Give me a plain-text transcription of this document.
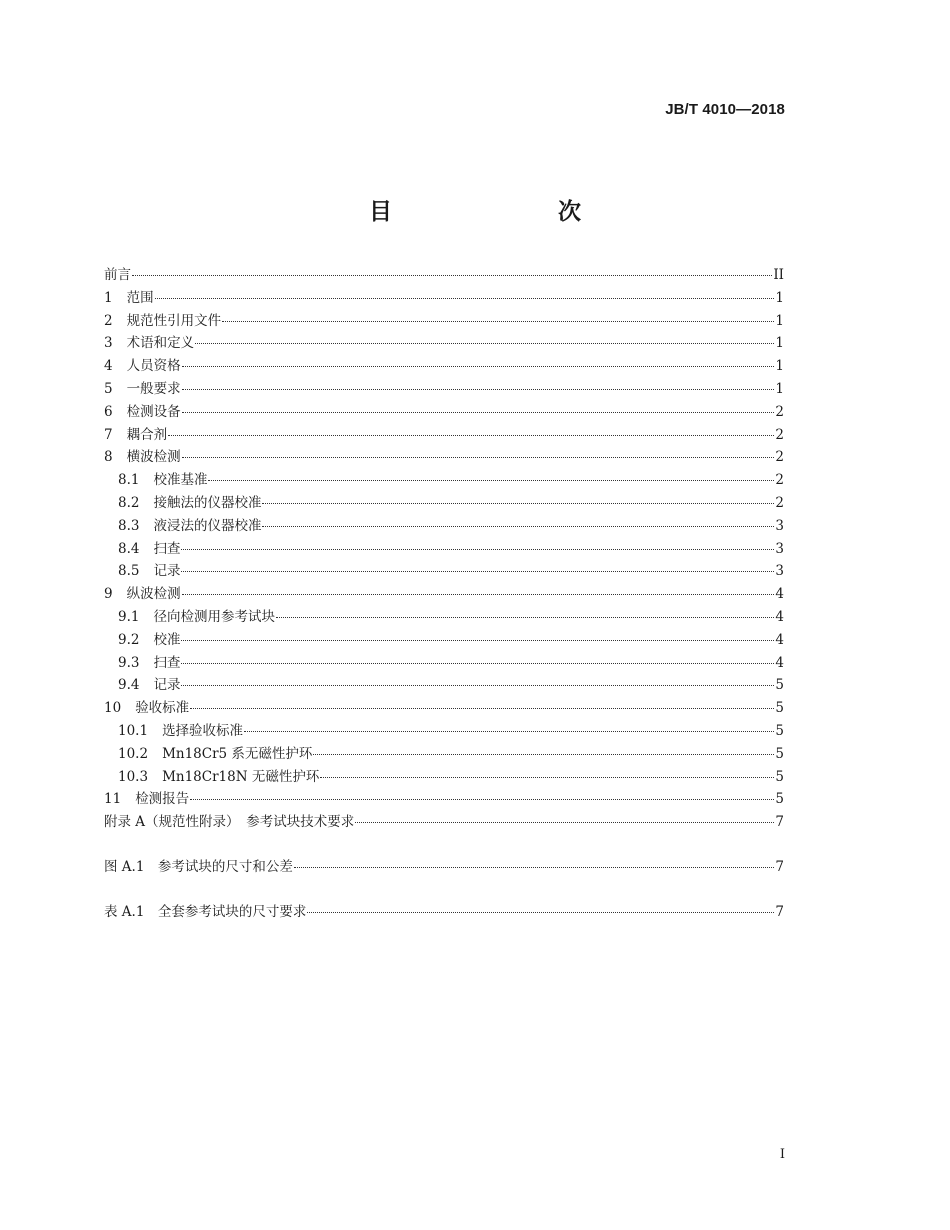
JB/T 4010—2018
目　　次
前言	II
1 范围	1
2 规范性引用文件	1
3 术语和定义	1
4 人员资格	1
5 一般要求	1
6 检测设备	2
7 耦合剂	2
8 横波检测	2
8.1 校准基准	2
8.2 接触法的仪器校准	2
8.3 液浸法的仪器校准	3
8.4 扫查	3
8.5 记录	3
9 纵波检测	4
9.1 径向检测用参考试块	4
9.2 校准	4
9.3 扫查	4
9.4 记录	5
10 验收标准	5
10.1 选择验收标准	5
10.2 Mn18Cr5 系无磁性护环	5
10.3 Mn18Cr18N 无磁性护环	5
11 检测报告	5
附录 A（规范性附录）　参考试块技术要求	7
图 A.1　参考试块的尺寸和公差	7
表 A.1　全套参考试块的尺寸要求	7
I
